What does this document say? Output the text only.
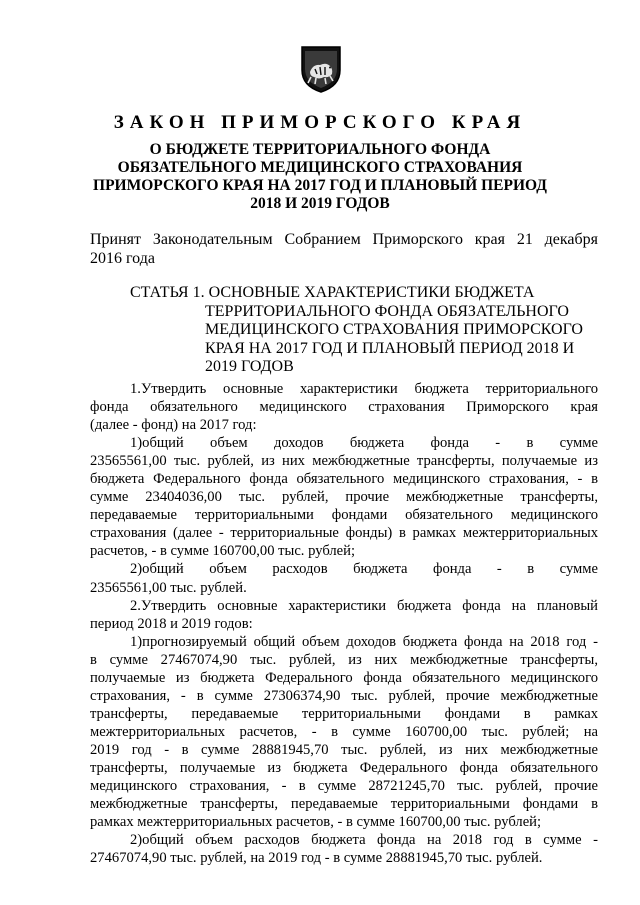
ЗАКОН ПРИМОРСКОГО КРАЯ
О БЮДЖЕТЕ ТЕРРИТОРИАЛЬНОГО ФОНДА
ОБЯЗАТЕЛЬНОГО МЕДИЦИНСКОГО СТРАХОВАНИЯ
ПРИМОРСКОГО КРАЯ НА 2017 ГОД И ПЛАНОВЫЙ ПЕРИОД
2018 И 2019 ГОДОВ
Принят Законодательным Собранием Приморского края 21 декабря
2016 года
СТАТЬЯ 1. ОСНОВНЫЕ ХАРАКТЕРИСТИКИ БЮДЖЕТА
ТЕРРИТОРИАЛЬНОГО ФОНДА ОБЯЗАТЕЛЬНОГО
МЕДИЦИНСКОГО СТРАХОВАНИЯ ПРИМОРСКОГО
КРАЯ НА 2017 ГОД И ПЛАНОВЫЙ ПЕРИОД 2018 И
2019 ГОДОВ
1.Утвердить основные характеристики бюджета территориального
фонда обязательного медицинского страхования Приморского края
(далее - фонд) на 2017 год:
1)общий объем доходов бюджета фонда - в сумме
23565561,00 тыс. рублей, из них межбюджетные трансферты, получаемые из
бюджета Федерального фонда обязательного медицинского страхования, - в
сумме 23404036,00 тыс. рублей, прочие межбюджетные трансферты,
передаваемые территориальными фондами обязательного медицинского
страхования (далее - территориальные фонды) в рамках межтерриториальных
расчетов, - в сумме 160700,00 тыс. рублей;
2)общий объем расходов бюджета фонда - в сумме
23565561,00 тыс. рублей.
2.Утвердить основные характеристики бюджета фонда на плановый
период 2018 и 2019 годов:
1)прогнозируемый общий объем доходов бюджета фонда на 2018 год -
в сумме 27467074,90 тыс. рублей, из них межбюджетные трансферты,
получаемые из бюджета Федерального фонда обязательного медицинского
страхования, - в сумме 27306374,90 тыс. рублей, прочие межбюджетные
трансферты, передаваемые территориальными фондами в рамках
межтерриториальных расчетов, - в сумме 160700,00 тыс. рублей; на
2019 год - в сумме 28881945,70 тыс. рублей, из них межбюджетные
трансферты, получаемые из бюджета Федерального фонда обязательного
медицинского страхования, - в сумме 28721245,70 тыс. рублей, прочие
межбюджетные трансферты, передаваемые территориальными фондами в
рамках межтерриториальных расчетов, - в сумме 160700,00 тыс. рублей;
2)общий объем расходов бюджета фонда на 2018 год в сумме -
27467074,90 тыс. рублей, на 2019 год - в сумме 28881945,70 тыс. рублей.
